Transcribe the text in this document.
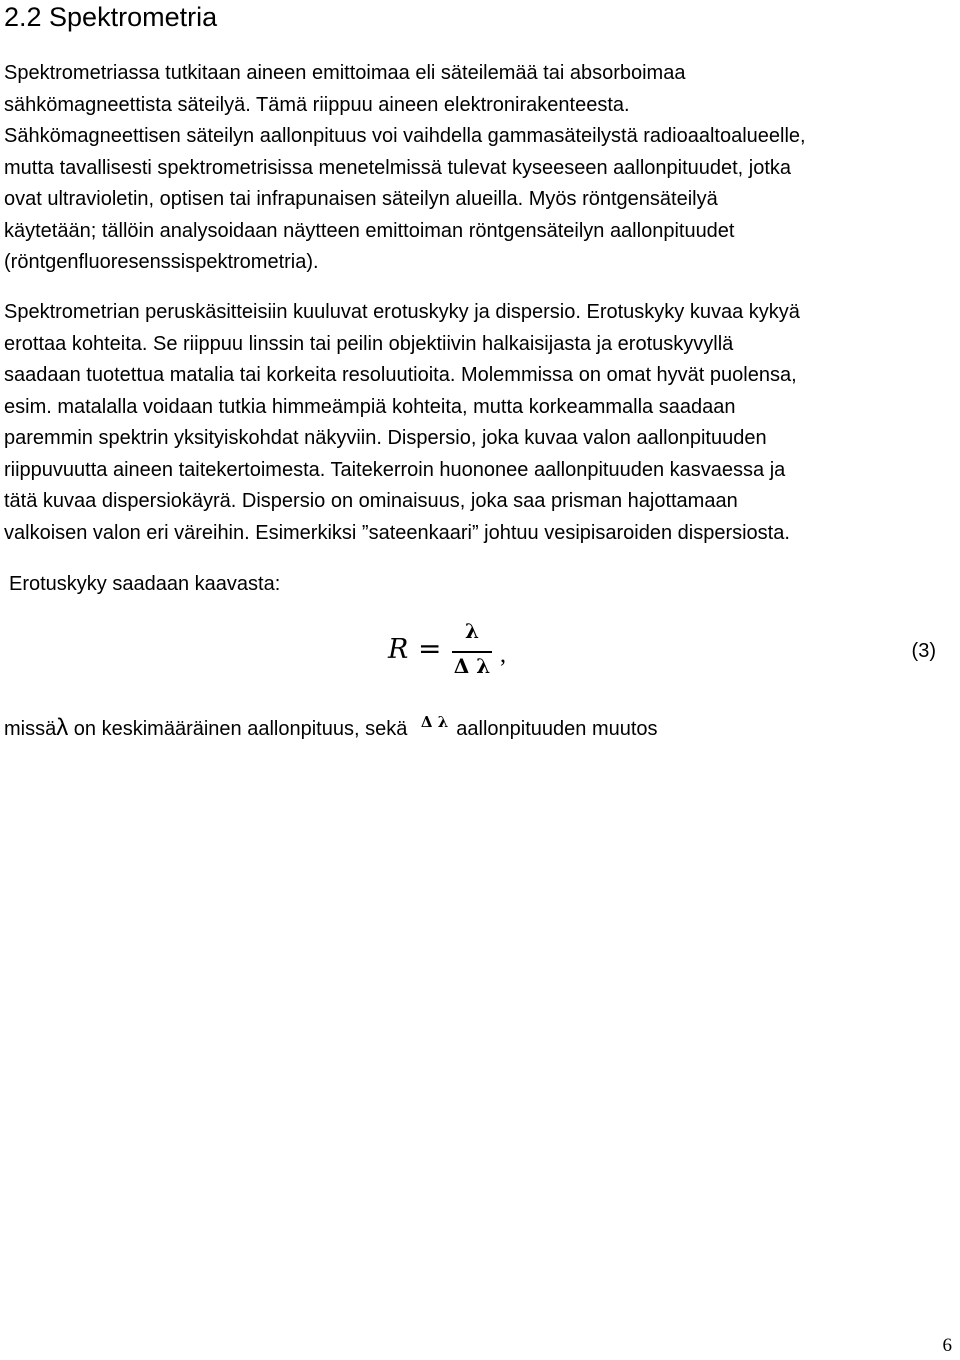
2.2 Spektrometria

Spektrometriassa tutkitaan aineen emittoimaa eli säteilemää tai absorboimaa
sähkömagneettista säteilyä. Tämä riippuu aineen elektronirakenteesta.
Sähkömagneettisen säteilyn aallonpituus voi vaihdella gammasäteilystä radioaaltoalueelle,
mutta tavallisesti spektrometrisissa menetelmissä tulevat kyseeseen aallonpituudet, jotka
ovat ultravioletin, optisen tai infrapunaisen säteilyn alueilla. Myös röntgensäteilyä
käytetään; tällöin analysoidaan näytteen emittoiman röntgensäteilyn aallonpituudet
(röntgenfluoresenssispektrometria).

Spektrometrian peruskäsitteisiin kuuluvat erotuskyky ja dispersio. Erotuskyky kuvaa kykyä
erottaa kohteita. Se riippuu linssin tai peilin objektiivin halkaisijasta ja erotuskyvyllä
saadaan tuotettua matalia tai korkeita resoluutioita. Molemmissa on omat hyvät puolensa,
esim. matalalla voidaan tutkia himmeämpiä kohteita, mutta korkeammalla saadaan
paremmin spektrin yksityiskohdat näkyviin. Dispersio, joka kuvaa valon aallonpituuden
riippuvuutta aineen taitekertoimesta. Taitekerroin huononee aallonpituuden kasvaessa ja
tätä kuvaa dispersiokäyrä. Dispersio on ominaisuus, joka saa prisman hajottamaan
valkoisen valon eri väreihin. Esimerkiksi ”sateenkaari” johtuu vesipisaroiden dispersiosta.

Erotuskyky saadaan kaavasta:

R =
λ
Δ λ ,	(3)
missäλ on keskimääräinen aallonpituus, sekä Δ λ aallonpituuden muutos
6
